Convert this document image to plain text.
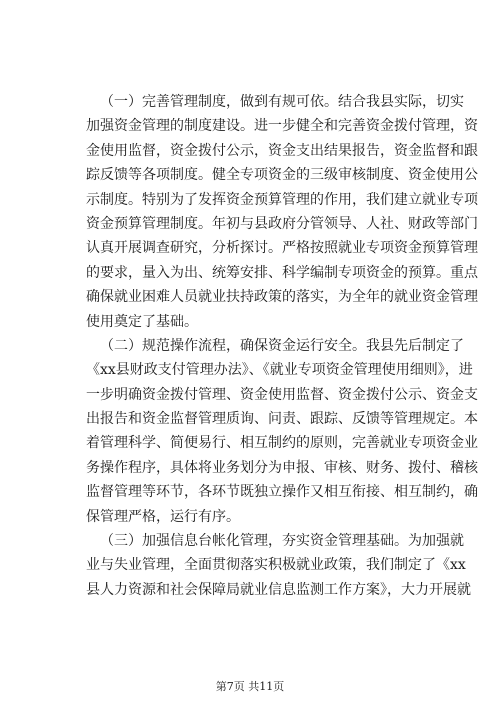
（一）完善管理制度，做到有规可依。结合我县实际，切实
加强资金管理的制度建设。进一步健全和完善资金拨付管理，资
金使用监督，资金拨付公示，资金支出结果报告，资金监督和跟
踪反馈等各项制度。健全专项资金的三级审核制度、资金使用公
示制度。特别为了发挥资金预算管理的作用，我们建立就业专项
资金预算管理制度。年初与县政府分管领导、人社、财政等部门
认真开展调查研究，分析探讨。严格按照就业专项资金预算管理
的要求，量入为出、统筹安排、科学编制专项资金的预算。重点
确保就业困难人员就业扶持政策的落实，为全年的就业资金管理
使用奠定了基础。
（二）规范操作流程，确保资金运行安全。我县先后制定了
《xx县财政支付管理办法》、《就业专项资金管理使用细则》，进
一步明确资金拨付管理、资金使用监督、资金拨付公示、资金支
出报告和资金监督管理质询、问责、跟踪、反馈等管理规定。本
着管理科学、简便易行、相互制约的原则，完善就业专项资金业
务操作程序，具体将业务划分为申报、审核、财务、拨付、稽核
监督管理等环节，各环节既独立操作又相互衔接、相互制约，确
保管理严格，运行有序。
（三）加强信息台帐化管理，夯实资金管理基础。为加强就
业与失业管理，全面贯彻落实积极就业政策，我们制定了《xx
县人力资源和社会保障局就业信息监测工作方案》，大力开展就
第7页 共11页
